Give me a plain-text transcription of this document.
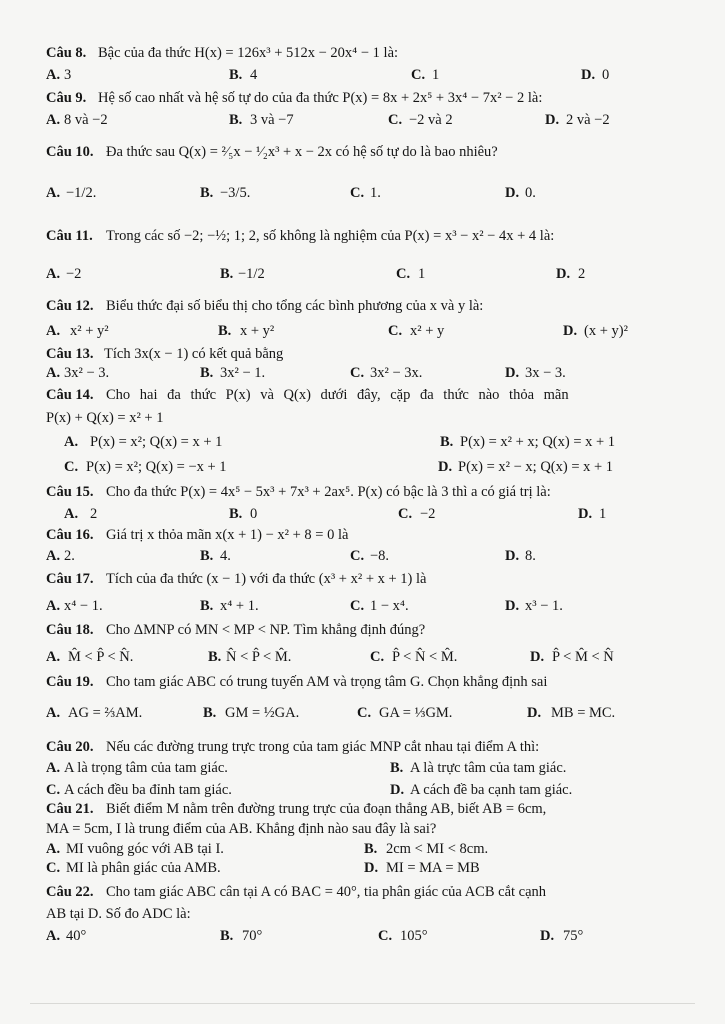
Câu 8. Bậc của đa thức H(x) = 126x³ + 512x − 20x⁴ − 1 là:
A. 3	B. 4	C. 1	D. 0
Câu 9. Hệ số cao nhất và hệ số tự do của đa thức P(x) = 8x + 2x⁵ + 3x⁴ − 7x² − 2 là:
A. 8 và −2	B. 3 và −7	C. −2 và 2	D. 2 và −2
Câu 10. Đa thức sau Q(x) = ²⁄₅x − ¹⁄₂x³ + x − 2x có hệ số tự do là bao nhiêu?
A. −1/2.	B. −3/5.	C. 1.	D. 0.
Câu 11. Trong các số −2; −½; 1; 2, số không là nghiệm của P(x) = x³ − x² − 4x + 4 là:
A. −2	B. −1/2	C. 1	D. 2
Câu 12. Biểu thức đại số biểu thị cho tổng các bình phương của x và y là:
A. x² + y²	B. x + y²	C. x² + y	D. (x + y)²
Câu 13. Tích 3x(x − 1) có kết quả bằng
A. 3x² − 3.	B. 3x² − 1.	C. 3x² − 3x.	D. 3x − 3.
Câu 14. Cho hai đa thức P(x) và Q(x) dưới đây, cặp đa thức nào thỏa mãn
P(x) + Q(x) = x² + 1
A. P(x) = x²; Q(x) = x + 1	B. P(x) = x² + x; Q(x) = x + 1
C. P(x) = x²; Q(x) = −x + 1	D. P(x) = x² − x; Q(x) = x + 1
Câu 15. Cho đa thức P(x) = 4x⁵ − 5x³ + 7x³ + 2ax⁵. P(x) có bậc là 3 thì a có giá trị là:
A. 2	B. 0	C. −2	D. 1
Câu 16. Giá trị x thỏa mãn x(x + 1) − x² + 8 = 0 là
A. 2.	B. 4.	C. −8.	D. 8.
Câu 17. Tích của đa thức (x − 1) với đa thức (x³ + x² + x + 1) là
A. x⁴ − 1.	B. x⁴ + 1.	C. 1 − x⁴.	D. x³ − 1.
Câu 18. Cho ΔMNP có MN < MP < NP. Tìm khẳng định đúng?
A. M̂ < P̂ < N̂.	B. N̂ < P̂ < M̂.	C. P̂ < N̂ < M̂.	D. P̂ < M̂ < N̂
Câu 19. Cho tam giác ABC có trung tuyến AM và trọng tâm G. Chọn khẳng định sai
A. AG = ⅔AM.	B. GM = ½GA.	C. GA = ⅓GM.	D. MB = MC.
Câu 20. Nếu các đường trung trực trong của tam giác MNP cắt nhau tại điểm A thì:
A. A là trọng tâm của tam giác.	B. A là trực tâm của tam giác.
C. A cách đều ba đỉnh tam giác.	D. A cách đề ba cạnh tam giác.
Câu 21. Biết điểm M nằm trên đường trung trực của đoạn thẳng AB, biết AB = 6cm,
MA = 5cm, I là trung điểm của AB. Khẳng định nào sau đây là sai?
A. MI vuông góc với AB tại I.	B. 2cm < MI < 8cm.
C. MI là phân giác của AMB.	D. MI = MA = MB
Câu 22. Cho tam giác ABC cân tại A có BAC = 40°, tia phân giác của ACB cắt cạnh
AB tại D. Số đo ADC là:
A. 40°	B. 70°	C. 105°	D. 75°
